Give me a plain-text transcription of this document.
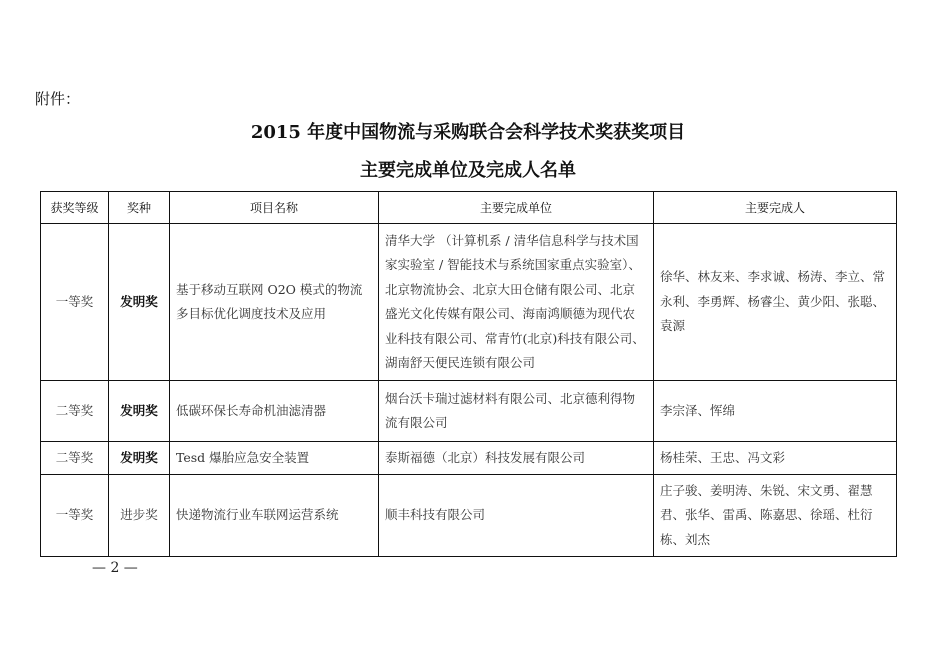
附件：
2015 年度中国物流与采购联合会科学技术奖获奖项目
主要完成单位及完成人名单
获奖等级	奖种	项目名称	主要完成单位	主要完成人
一等奖	发明奖	基于移动互联网 O2O 模式的物流多目标优化调度技术及应用	清华大学 （计算机系 / 清华信息科学与技术国家实验室 / 智能技术与系统国家重点实验室）、北京物流协会、北京大田仓储有限公司、北京盛光文化传媒有限公司、海南鸿顺德为现代农业科技有限公司、常青竹(北京)科技有限公司、湖南舒天便民连锁有限公司	徐华、林友来、李求诚、杨涛、李立、常永利、李勇辉、杨睿尘、黄少阳、张聪、袁源
二等奖	发明奖	低碳环保长寿命机油滤清器	烟台沃卡瑞过滤材料有限公司、北京德利得物流有限公司	李宗泽、恽绵
二等奖	发明奖	Tesd 爆胎应急安全装置	泰斯福德（北京）科技发展有限公司	杨桂荣、王忠、冯文彩
一等奖	进步奖	快递物流行业车联网运营系统	顺丰科技有限公司	庄子骏、姜明涛、朱锐、宋文勇、翟慧君、张华、雷禹、陈嘉思、徐瑶、杜衍栋、刘杰
— 2 —
